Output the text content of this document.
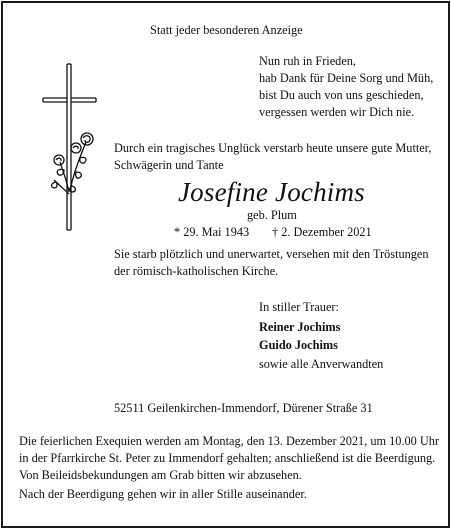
Statt jeder besonderen Anzeige
Nun ruh in Frieden,
hab Dank für Deine Sorg und Müh,
bist Du auch von uns geschieden,
vergessen werden wir Dich nie.
Durch ein tragisches Unglück verstarb heute unsere gute Mutter,
Schwägerin und Tante
Josefine Jochims
geb. Plum
* 29. Mai 1943 † 2. Dezember 2021
Sie starb plötzlich und unerwartet, versehen mit den Tröstungen
der römisch-katholischen Kirche.
In stiller Trauer:
Reiner Jochims
Guido Jochims
sowie alle Anverwandten
52511 Geilenkirchen-Immendorf, Dürener Straße 31
Die feierlichen Exequien werden am Montag, den 13. Dezember 2021, um 10.00 Uhr
in der Pfarrkirche St. Peter zu Immendorf gehalten; anschließend ist die Beerdigung.
Von Beileidsbekundungen am Grab bitten wir abzusehen.
Nach der Beerdigung gehen wir in aller Stille auseinander.
